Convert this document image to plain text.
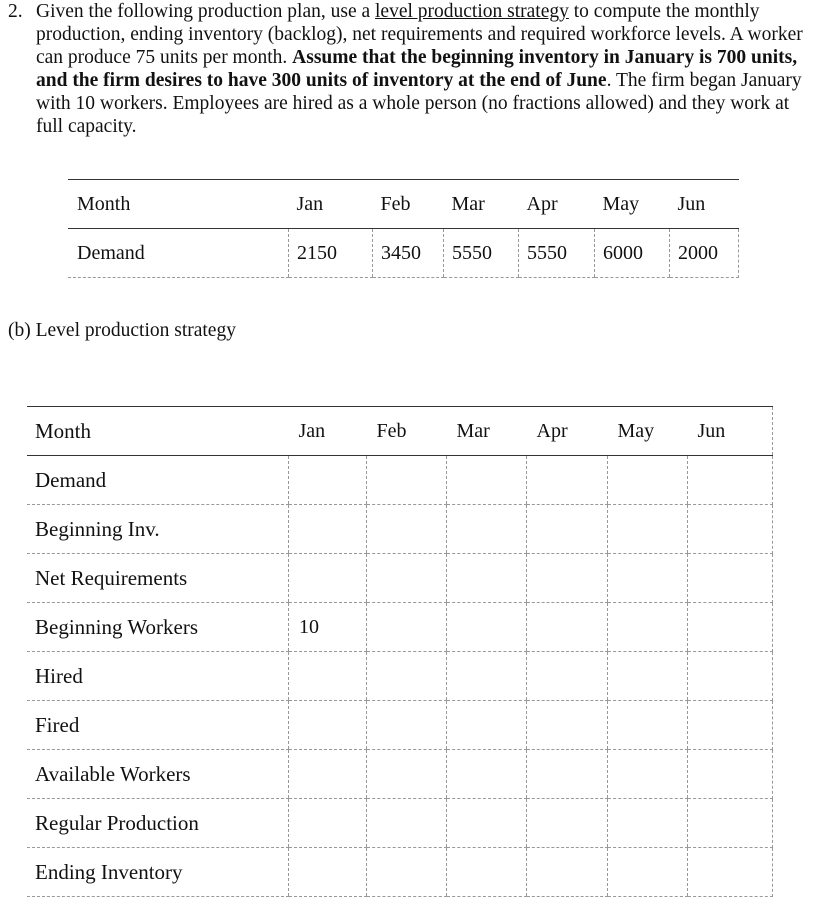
2. Given the following production plan, use a level production strategy to compute the monthly production, ending inventory (backlog), net requirements and required workforce levels. A worker can produce 75 units per month. Assume that the beginning inventory in January is 700 units, and the firm desires to have 300 units of inventory at the end of June. The firm began January with 10 workers. Employees are hired as a whole person (no fractions allowed) and they work at full capacity.
Month	Jan	Feb	Mar	Apr	May	Jun
Demand	2150	3450	5550	5550	6000	2000
(b) Level production strategy
Month	Jan	Feb	Mar	Apr	May	Jun
Demand						
Beginning Inv.						
Net Requirements						
Beginning Workers	10					
Hired						
Fired						
Available Workers						
Regular Production						
Ending Inventory						
